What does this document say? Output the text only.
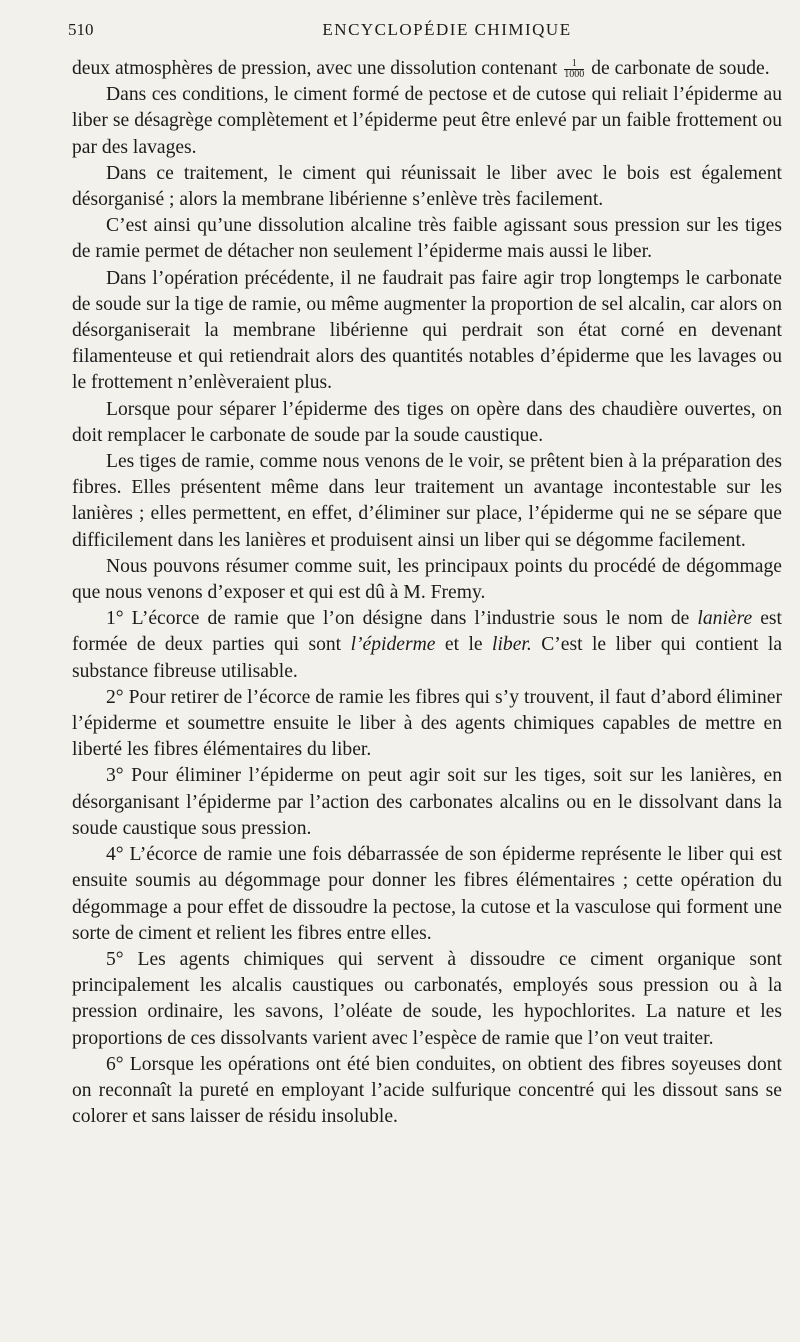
510	ENCYCLOPÉDIE CHIMIQUE

deux atmosphères de pression, avec une dissolution contenant $\frac{1}{1000}$ de carbonate de soude.

Dans ces conditions, le ciment formé de pectose et de cutose qui reliait l’épiderme au liber se désagrège complètement et l’épiderme peut être enlevé par un faible frottement ou par des lavages.

Dans ce traitement, le ciment qui réunissait le liber avec le bois est également désorganisé ; alors la membrane libérienne s’enlève très facilement.

C’est ainsi qu’une dissolution alcaline très faible agissant sous pression sur les tiges de ramie permet de détacher non seulement l’épiderme mais aussi le liber.

Dans l’opération précédente, il ne faudrait pas faire agir trop longtemps le carbonate de soude sur la tige de ramie, ou même augmenter la proportion de sel alcalin, car alors on désorganiserait la membrane libérienne qui perdrait son état corné en devenant filamenteuse et qui retiendrait alors des quantités notables d’épiderme que les lavages ou le frottement n’enlèveraient plus.

Lorsque pour séparer l’épiderme des tiges on opère dans des chaudière ouvertes, on doit remplacer le carbonate de soude par la soude caustique.

Les tiges de ramie, comme nous venons de le voir, se prêtent bien à la préparation des fibres. Elles présentent même dans leur traitement un avantage incontestable sur les lanières ; elles permettent, en effet, d’éliminer sur place, l’épiderme qui ne se sépare que difficilement dans les lanières et produisent ainsi un liber qui se dégomme facilement.

Nous pouvons résumer comme suit, les principaux points du procédé de dégommage que nous venons d’exposer et qui est dû à M. Fremy.

1° L’écorce de ramie que l’on désigne dans l’industrie sous le nom de lanière est formée de deux parties qui sont l’épiderme et le liber. C’est le liber qui contient la substance fibreuse utilisable.

2° Pour retirer de l’écorce de ramie les fibres qui s’y trouvent, il faut d’abord éliminer l’épiderme et soumettre ensuite le liber à des agents chimiques capables de mettre en liberté les fibres élémentaires du liber.

3° Pour éliminer l’épiderme on peut agir soit sur les tiges, soit sur les lanières, en désorganisant l’épiderme par l’action des carbonates alcalins ou en le dissolvant dans la soude caustique sous pression.

4° L’écorce de ramie une fois débarrassée de son épiderme représente le liber qui est ensuite soumis au dégommage pour donner les fibres élémentaires ; cette opération du dégommage a pour effet de dissoudre la pectose, la cutose et la vasculose qui forment une sorte de ciment et relient les fibres entre elles.

5° Les agents chimiques qui servent à dissoudre ce ciment organique sont principalement les alcalis caustiques ou carbonatés, employés sous pression ou à la pression ordinaire, les savons, l’oléate de soude, les hypochlorites. La nature et les proportions de ces dissolvants varient avec l’espèce de ramie que l’on veut traiter.

6° Lorsque les opérations ont été bien conduites, on obtient des fibres soyeuses dont on reconnaît la pureté en employant l’acide sulfurique concentré qui les dissout sans se colorer et sans laisser de résidu insoluble.
